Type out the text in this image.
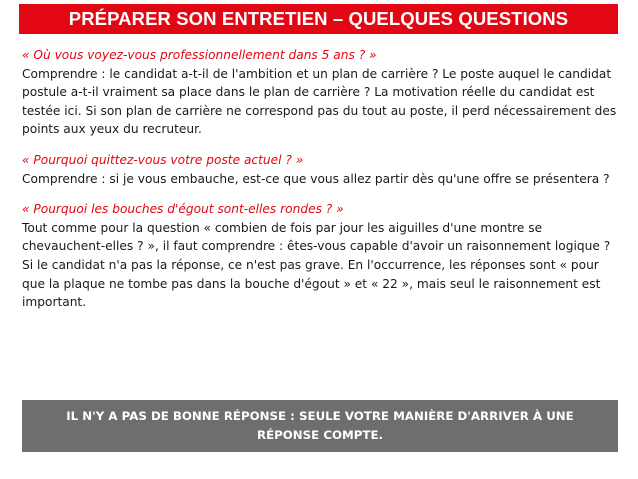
PRÉPARER SON ENTRETIEN – QUELQUES QUESTIONS
« Où vous voyez-vous professionnellement dans 5 ans ? »
Comprendre : le candidat a-t-il de l'ambition et un plan de carrière ? Le poste auquel le candidat postule a-t-il vraiment sa place dans le plan de carrière ? La motivation réelle du candidat est testée ici. Si son plan de carrière ne correspond pas du tout au poste, il perd nécessairement des points aux yeux du recruteur.
« Pourquoi quittez-vous votre poste actuel ? »
Comprendre : si je vous embauche, est-ce que vous allez partir dès qu'une offre se présentera ?
« Pourquoi les bouches d'égout sont-elles rondes ? »
Tout comme pour la question « combien de fois par jour les aiguilles d'une montre se chevauchent-elles ? », il faut comprendre : êtes-vous capable d'avoir un raisonnement logique ? Si le candidat n'a pas la réponse, ce n'est pas grave. En l'occurrence, les réponses sont « pour que la plaque ne tombe pas dans la bouche d'égout » et « 22 », mais seul le raisonnement est important.
IL N'Y A PAS DE BONNE RÉPONSE : SEULE VOTRE MANIÈRE D'ARRIVER À UNE RÉPONSE COMPTE.
